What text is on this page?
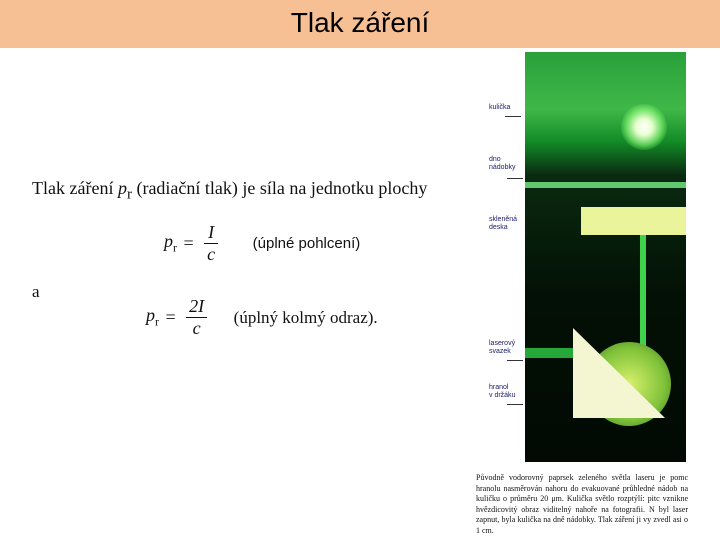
Tlak záření
Tlak záření $p_r$ (radiační tlak) je síla na jednotku plochy
$p_r = \frac{I}{c}$ (úplné pohlcení)
a
$p_r = \frac{2I}{c}$ (úplný kolmý odraz).
kulička
dno
nádobky
skleněná
deska
laserový
svazek
hranol
v držáku
Původně vodorovný paprsek zeleného světla laseru je pomc hranolu nasměrován nahoru do evakuované průhledné nádob na kuličku o průměru 20 μm. Kulička světlo rozptýlí: pitc vznikne hvězdicovitý obraz viditelný nahoře na fotografii. N byl laser zapnut, byla kulička na dně nádobky. Tlak záření ji vy zvedl asi o 1 cm.
